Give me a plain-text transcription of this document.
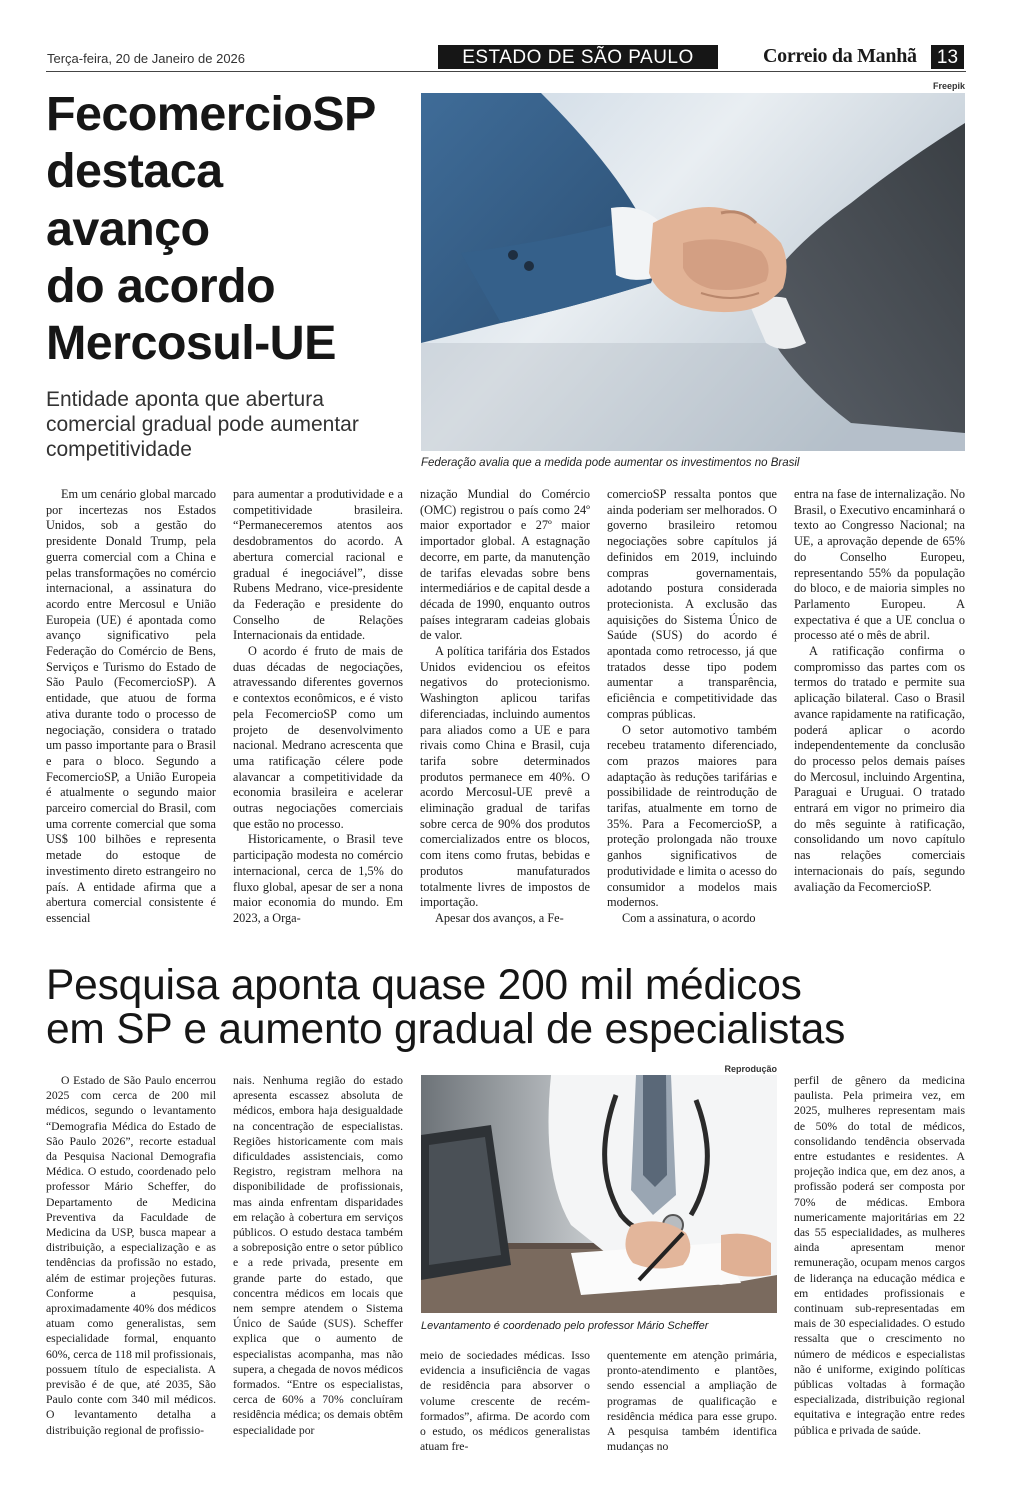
Terça-feira, 20 de Janeiro de 2026	ESTADO DE SÃO PAULO	Correio da Manhã	13
FecomercioSP
destaca
avanço
do acordo
Mercosul-UE
Entidade aponta que abertura comercial gradual pode aumentar competitividade
Freepik
Federação avalia que a medida pode aumentar os investimentos no Brasil

Em um cenário global marcado por incertezas nos Estados Unidos, sob a gestão do presidente Donald Trump, pela guerra comercial com a China e pelas transformações no comércio internacional, a assinatura do acordo entre Mercosul e União Europeia (UE) é apontada como avanço significativo pela Federação do Comércio de Bens, Serviços e Turismo do Estado de São Paulo (FecomercioSP). A entidade, que atuou de forma ativa durante todo o processo de negociação, considera o tratado um passo importante para o Brasil e para o bloco. Segundo a FecomercioSP, a União Europeia é atualmente o segundo maior parceiro comercial do Brasil, com uma corrente comercial que soma US$ 100 bilhões e representa metade do estoque de investimento direto estrangeiro no país. A entidade afirma que a abertura comercial consistente é essencial

para aumentar a produtividade e a competitividade brasileira. “Permaneceremos atentos aos desdobramentos do acordo. A abertura comercial racional e gradual é inegociável”, disse Rubens Medrano, vice-presidente da Federação e presidente do Conselho de Relações Internacionais da entidade.

O acordo é fruto de mais de duas décadas de negociações, atravessando diferentes governos e contextos econômicos, e é visto pela FecomercioSP como um projeto de desenvolvimento nacional. Medrano acrescenta que uma ratificação célere pode alavancar a competitividade da economia brasileira e acelerar outras negociações comerciais que estão no processo.

Historicamente, o Brasil teve participação modesta no comércio internacional, cerca de 1,5% do fluxo global, apesar de ser a nona maior economia do mundo. Em 2023, a Orga-

nização Mundial do Comércio (OMC) registrou o país como 24º maior exportador e 27º maior importador global. A estagnação decorre, em parte, da manutenção de tarifas elevadas sobre bens intermediários e de capital desde a década de 1990, enquanto outros países integraram cadeias globais de valor.

A política tarifária dos Estados Unidos evidenciou os efeitos negativos do protecionismo. Washington aplicou tarifas diferenciadas, incluindo aumentos para aliados como a UE e para rivais como China e Brasil, cuja tarifa sobre determinados produtos permanece em 40%. O acordo Mercosul-UE prevê a eliminação gradual de tarifas sobre cerca de 90% dos produtos comercializados entre os blocos, com itens como frutas, bebidas e produtos manufaturados totalmente livres de impostos de importação.

Apesar dos avanços, a Fe-

comercioSP ressalta pontos que ainda poderiam ser melhorados. O governo brasileiro retomou negociações sobre capítulos já definidos em 2019, incluindo compras governamentais, adotando postura considerada protecionista. A exclusão das aquisições do Sistema Único de Saúde (SUS) do acordo é apontada como retrocesso, já que tratados desse tipo podem aumentar a transparência, eficiência e competitividade das compras públicas.

O setor automotivo também recebeu tratamento diferenciado, com prazos maiores para adaptação às reduções tarifárias e possibilidade de reintrodução de tarifas, atualmente em torno de 35%. Para a FecomercioSP, a proteção prolongada não trouxe ganhos significativos de produtividade e limita o acesso do consumidor a modelos mais modernos.

Com a assinatura, o acordo

entra na fase de internalização. No Brasil, o Executivo encaminhará o texto ao Congresso Nacional; na UE, a aprovação depende de 65% do Conselho Europeu, representando 55% da população do bloco, e de maioria simples no Parlamento Europeu. A expectativa é que a UE conclua o processo até o mês de abril.

A ratificação confirma o compromisso das partes com os termos do tratado e permite sua aplicação bilateral. Caso o Brasil avance rapidamente na ratificação, poderá aplicar o acordo independentemente da conclusão do processo pelos demais países do Mercosul, incluindo Argentina, Paraguai e Uruguai. O tratado entrará em vigor no primeiro dia do mês seguinte à ratificação, consolidando um novo capítulo nas relações comerciais internacionais do país, segundo avaliação da FecomercioSP.

Pesquisa aponta quase 200 mil médicos
em SP e aumento gradual de especialistas

O Estado de São Paulo encerrou 2025 com cerca de 200 mil médicos, segundo o levantamento “Demografia Médica do Estado de São Paulo 2026”, recorte estadual da Pesquisa Nacional Demografia Médica. O estudo, coordenado pelo professor Mário Scheffer, do Departamento de Medicina Preventiva da Faculdade de Medicina da USP, busca mapear a distribuição, a especialização e as tendências da profissão no estado, além de estimar projeções futuras. Conforme a pesquisa, aproximadamente 40% dos médicos atuam como generalistas, sem especialidade formal, enquanto 60%, cerca de 118 mil profissionais, possuem título de especialista. A previsão é de que, até 2035, São Paulo conte com 340 mil médicos. O levantamento detalha a distribuição regional de profissio-

nais. Nenhuma região do estado apresenta escassez absoluta de médicos, embora haja desigualdade na concentração de especialistas. Regiões historicamente com mais dificuldades assistenciais, como Registro, registram melhora na disponibilidade de profissionais, mas ainda enfrentam disparidades em relação à cobertura em serviços públicos. O estudo destaca também a sobreposição entre o setor público e a rede privada, presente em grande parte do estado, que concentra médicos em locais que nem sempre atendem o Sistema Único de Saúde (SUS). Scheffer explica que o aumento de especialistas acompanha, mas não supera, a chegada de novos médicos formados. “Entre os especialistas, cerca de 60% a 70% concluíram residência médica; os demais obtêm especialidade por

Reprodução
Levantamento é coordenado pelo professor Mário Scheffer

meio de sociedades médicas. Isso evidencia a insuficiência de vagas de residência para absorver o volume crescente de recém-formados”, afirma. De acordo com o estudo, os médicos generalistas atuam fre-

quentemente em atenção primária, pronto-atendimento e plantões, sendo essencial a ampliação de programas de qualificação e residência médica para esse grupo. A pesquisa também identifica mudanças no

perfil de gênero da medicina paulista. Pela primeira vez, em 2025, mulheres representam mais de 50% do total de médicos, consolidando tendência observada entre estudantes e residentes. A projeção indica que, em dez anos, a profissão poderá ser composta por 70% de médicas. Embora numericamente majoritárias em 22 das 55 especialidades, as mulheres ainda apresentam menor remuneração, ocupam menos cargos de liderança na educação médica e em entidades profissionais e continuam sub-representadas em mais de 30 especialidades. O estudo ressalta que o crescimento no número de médicos e especialistas não é uniforme, exigindo políticas públicas voltadas à formação especializada, distribuição regional equitativa e integração entre redes pública e privada de saúde.
